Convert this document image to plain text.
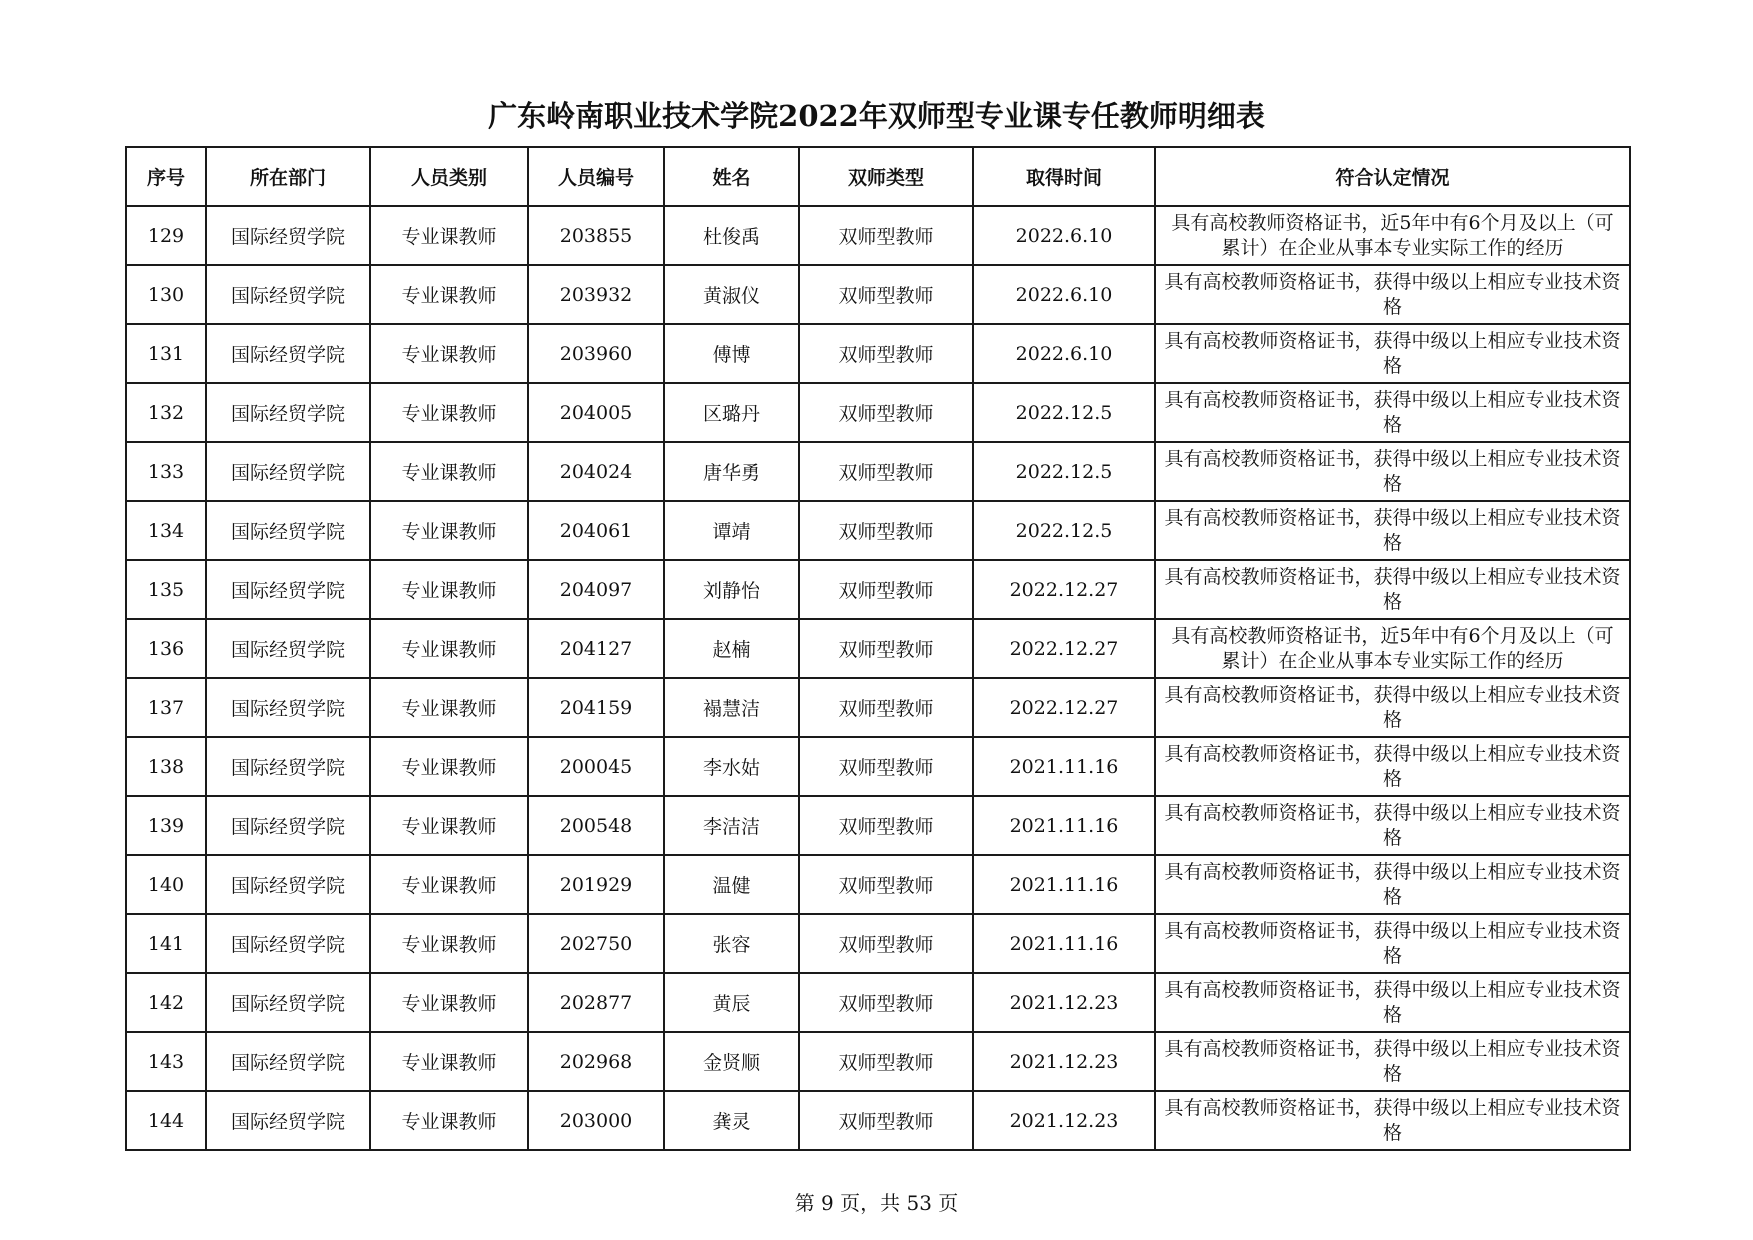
广东岭南职业技术学院2022年双师型专业课专任教师明细表
序号	所在部门	人员类别	人员编号	姓名	双师类型	取得时间	符合认定情况
129	国际经贸学院	专业课教师	203855	杜俊禹	双师型教师	2022.6.10	具有高校教师资格证书，近5年中有6个月及以上（可累计）在企业从事本专业实际工作的经历
130	国际经贸学院	专业课教师	203932	黄淑仪	双师型教师	2022.6.10	具有高校教师资格证书，获得中级以上相应专业技术资格
131	国际经贸学院	专业课教师	203960	傅博	双师型教师	2022.6.10	具有高校教师资格证书，获得中级以上相应专业技术资格
132	国际经贸学院	专业课教师	204005	区璐丹	双师型教师	2022.12.5	具有高校教师资格证书，获得中级以上相应专业技术资格
133	国际经贸学院	专业课教师	204024	唐华勇	双师型教师	2022.12.5	具有高校教师资格证书，获得中级以上相应专业技术资格
134	国际经贸学院	专业课教师	204061	谭靖	双师型教师	2022.12.5	具有高校教师资格证书，获得中级以上相应专业技术资格
135	国际经贸学院	专业课教师	204097	刘静怡	双师型教师	2022.12.27	具有高校教师资格证书，获得中级以上相应专业技术资格
136	国际经贸学院	专业课教师	204127	赵楠	双师型教师	2022.12.27	具有高校教师资格证书，近5年中有6个月及以上（可累计）在企业从事本专业实际工作的经历
137	国际经贸学院	专业课教师	204159	褟慧洁	双师型教师	2022.12.27	具有高校教师资格证书，获得中级以上相应专业技术资格
138	国际经贸学院	专业课教师	200045	李水姑	双师型教师	2021.11.16	具有高校教师资格证书，获得中级以上相应专业技术资格
139	国际经贸学院	专业课教师	200548	李洁洁	双师型教师	2021.11.16	具有高校教师资格证书，获得中级以上相应专业技术资格
140	国际经贸学院	专业课教师	201929	温健	双师型教师	2021.11.16	具有高校教师资格证书，获得中级以上相应专业技术资格
141	国际经贸学院	专业课教师	202750	张容	双师型教师	2021.11.16	具有高校教师资格证书，获得中级以上相应专业技术资格
142	国际经贸学院	专业课教师	202877	黄辰	双师型教师	2021.12.23	具有高校教师资格证书，获得中级以上相应专业技术资格
143	国际经贸学院	专业课教师	202968	金贤顺	双师型教师	2021.12.23	具有高校教师资格证书，获得中级以上相应专业技术资格
144	国际经贸学院	专业课教师	203000	龚灵	双师型教师	2021.12.23	具有高校教师资格证书，获得中级以上相应专业技术资格
第 9 页，共 53 页
